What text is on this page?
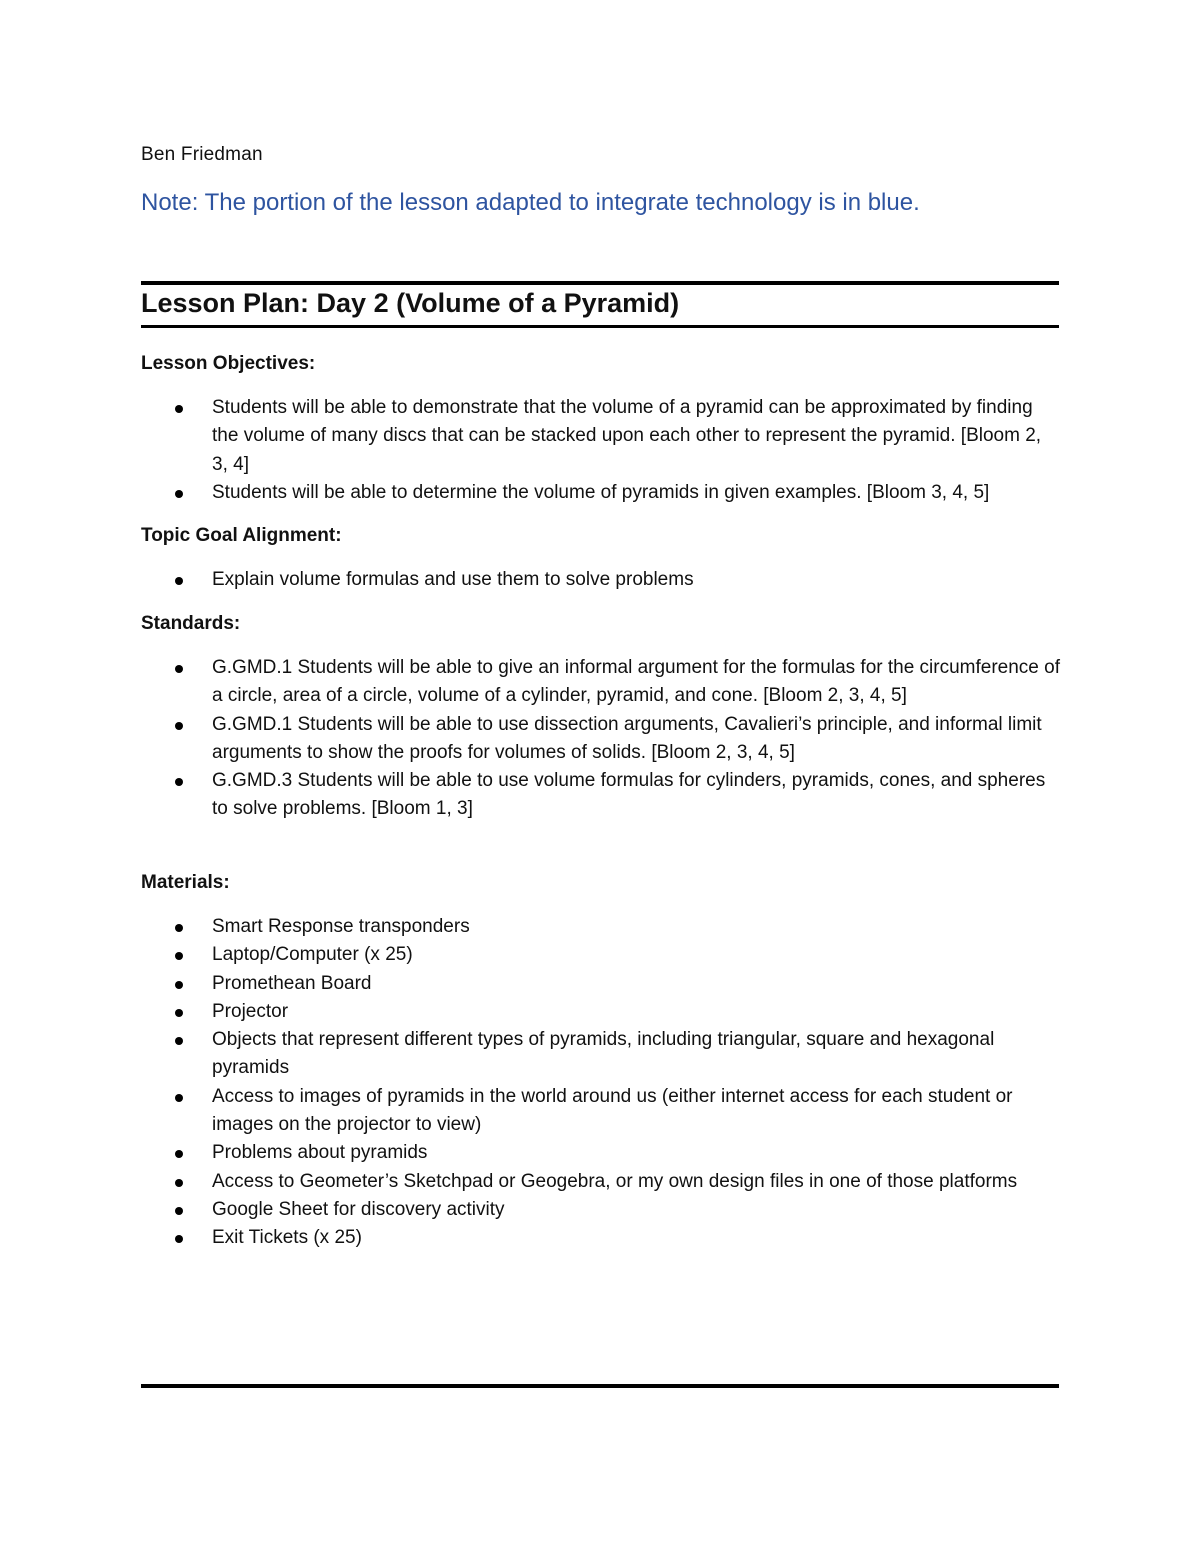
Ben Friedman
Note: The portion of the lesson adapted to integrate technology is in blue.
Lesson Plan: Day 2 (Volume of a Pyramid)

Lesson Objectives:

Students will be able to demonstrate that the volume of a pyramid can be approximated by finding the volume of many discs that can be stacked upon each other to represent the pyramid. [Bloom 2, 3, 4]
Students will be able to determine the volume of pyramids in given examples. [Bloom 3, 4, 5]

Topic Goal Alignment:

Explain volume formulas and use them to solve problems

Standards:

G.GMD.1 Students will be able to give an informal argument for the formulas for the circumference of a circle, area of a circle, volume of a cylinder, pyramid, and cone. [Bloom 2, 3, 4, 5]
G.GMD.1 Students will be able to use dissection arguments, Cavalieri’s principle, and informal limit arguments to show the proofs for volumes of solids. [Bloom 2, 3, 4, 5]
G.GMD.3 Students will be able to use volume formulas for cylinders, pyramids, cones, and spheres to solve problems. [Bloom 1, 3]

Materials:

Smart Response transponders
Laptop/Computer (x 25)
Promethean Board
Projector
Objects that represent different types of pyramids, including triangular, square and hexagonal pyramids
Access to images of pyramids in the world around us (either internet access for each student or images on the projector to view)
Problems about pyramids
Access to Geometer’s Sketchpad or Geogebra, or my own design files in one of those platforms
Google Sheet for discovery activity
Exit Tickets (x 25)
